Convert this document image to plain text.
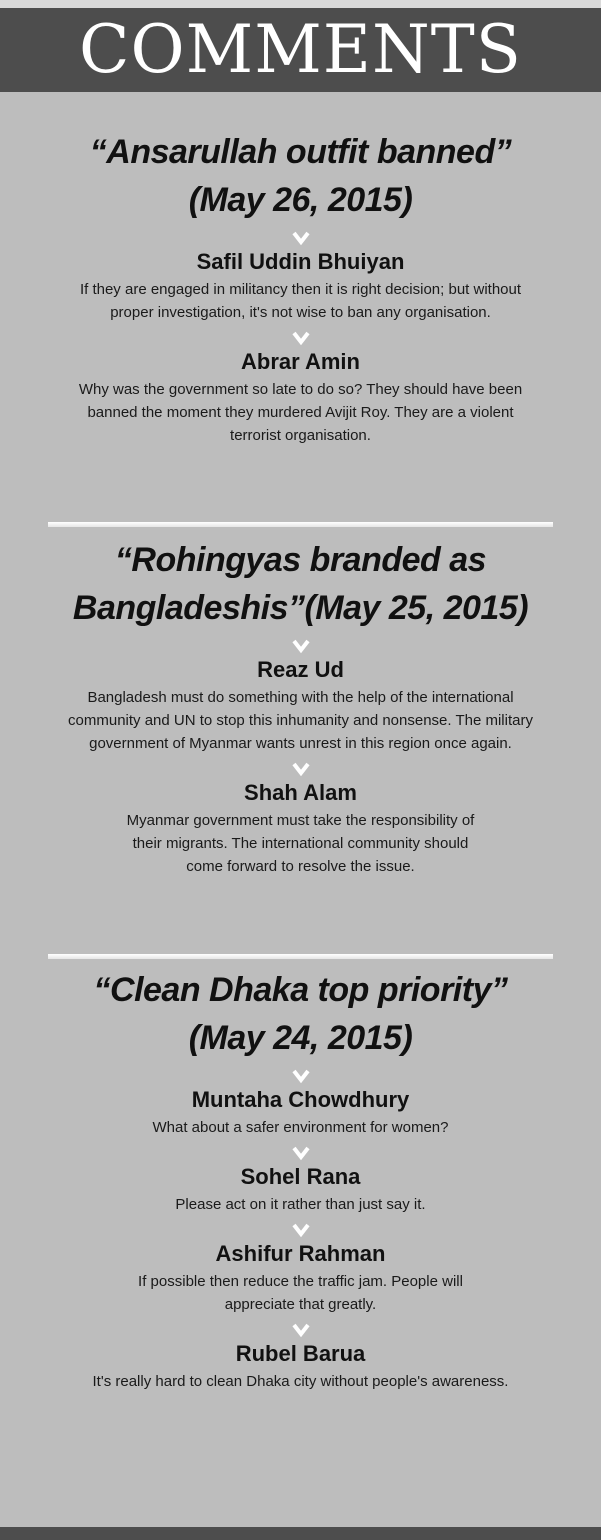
COMMENTS

“Ansarullah outfit banned”

(May 26, 2015)

Safil Uddin Bhuiyan

If they are engaged in militancy then it is right decision; but without
proper investigation, it's not wise to ban any organisation.

Abrar Amin

Why was the government so late to do so? They should have been
banned the moment they murdered Avijit Roy. They are a violent
terrorist organisation.

“Rohingyas branded as

Bangladeshis”(May 25, 2015)

Reaz Ud

Bangladesh must do something with the help of the international
community and UN to stop this inhumanity and nonsense. The military
government of Myanmar wants unrest in this region once again.

Shah Alam

Myanmar government must take the responsibility of
their migrants. The international community should
come forward to resolve the issue.

“Clean Dhaka top priority”

(May 24, 2015)

Muntaha Chowdhury

What about a safer environment for women?

Sohel Rana

Please act on it rather than just say it.

Ashifur Rahman

If possible then reduce the traffic jam. People will
appreciate that greatly.

Rubel Barua

It's really hard to clean Dhaka city without people's awareness.
